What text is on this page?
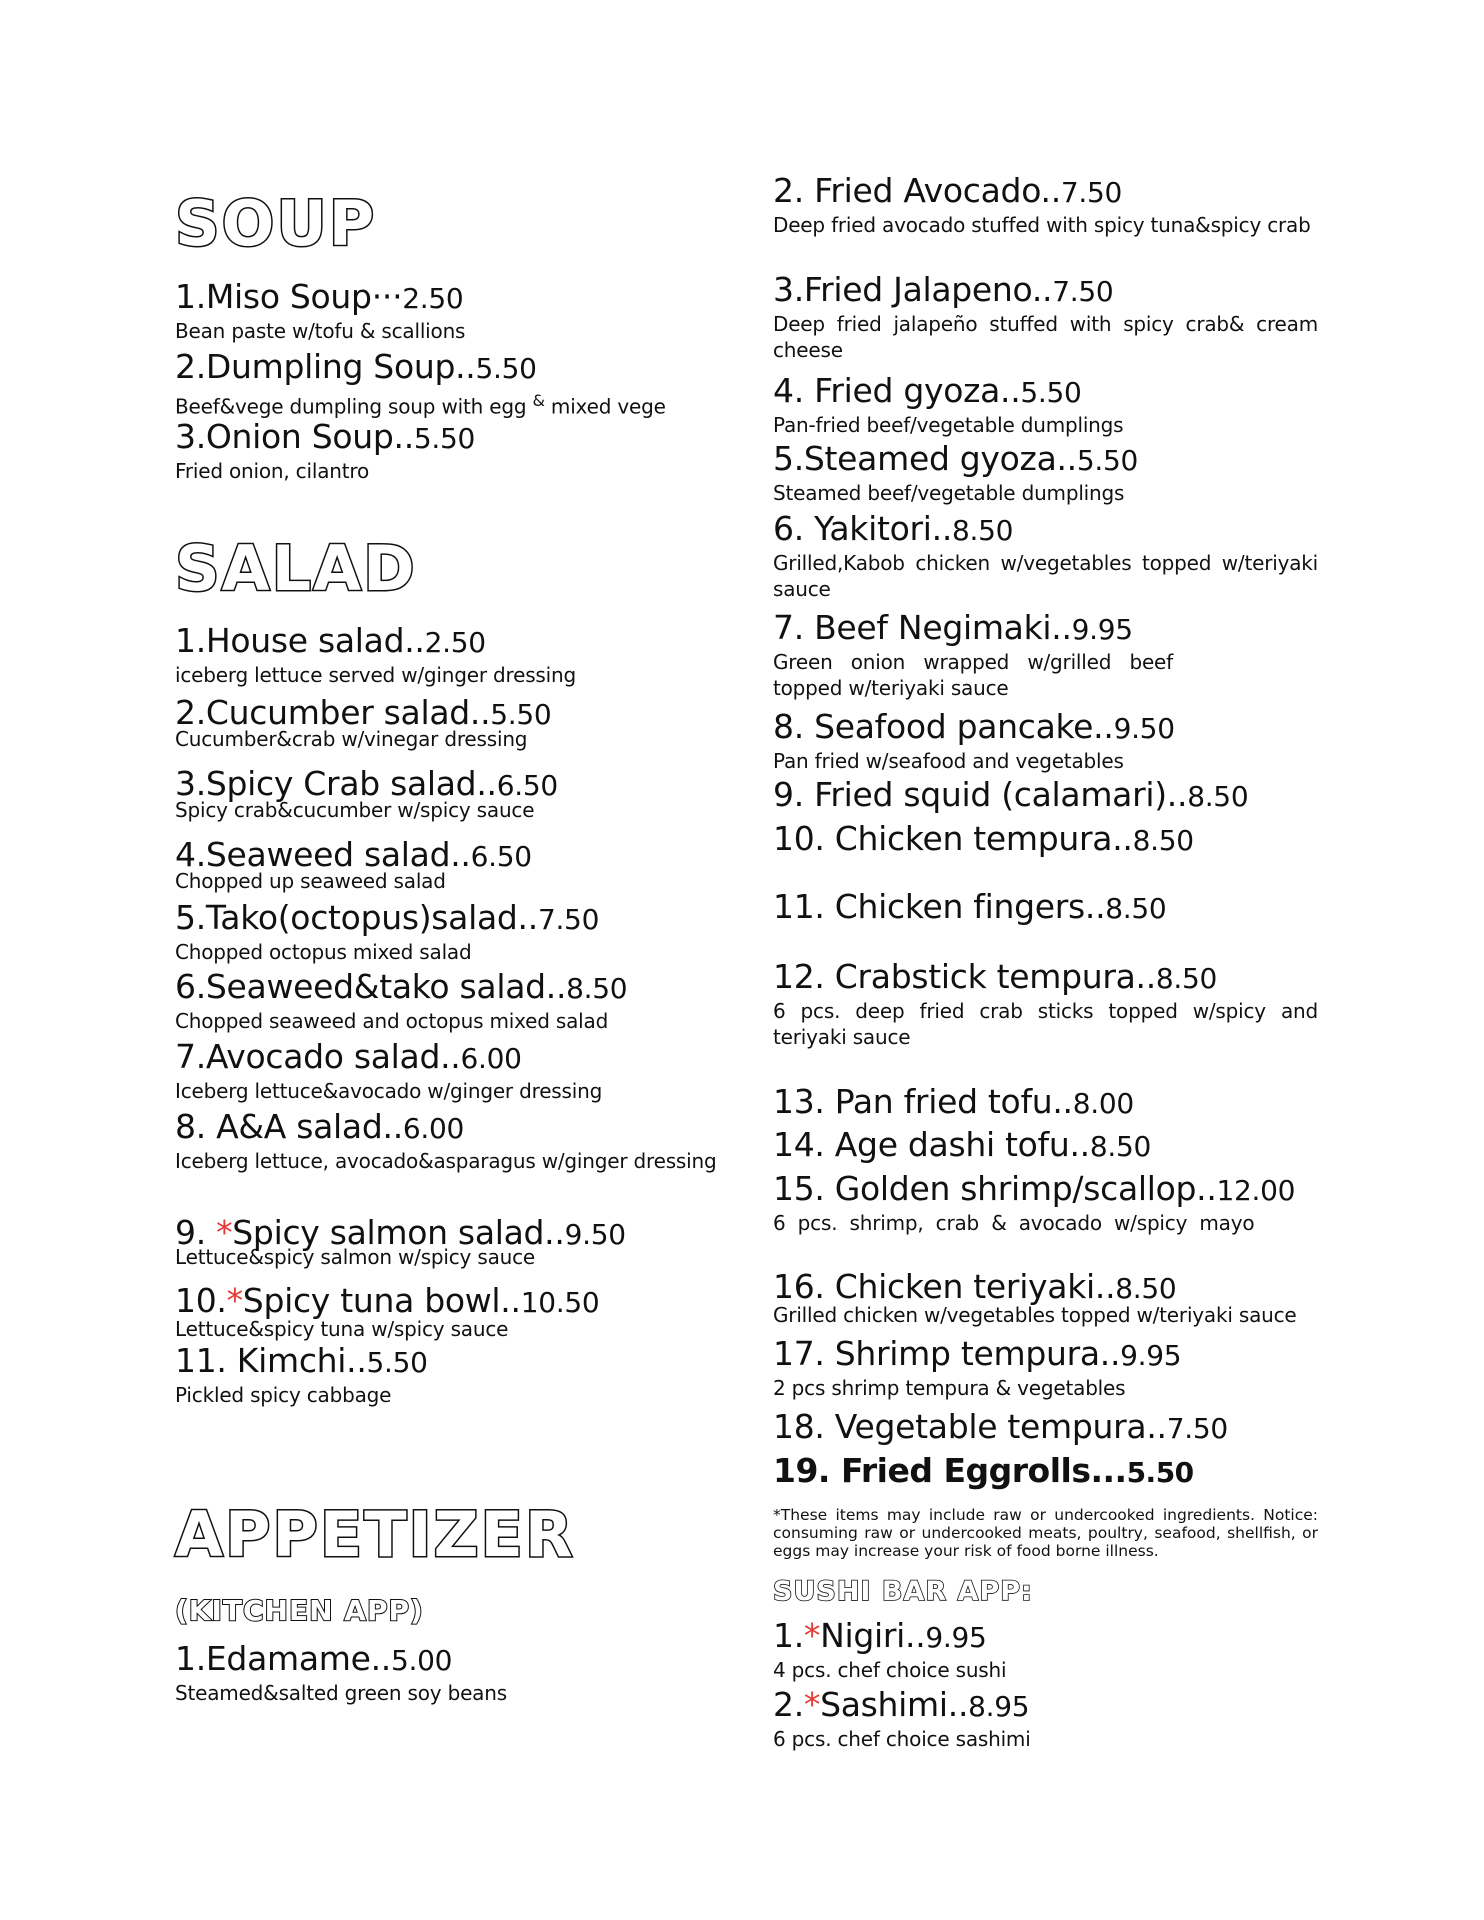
SOUP
1.Miso Soup···2.50
Bean paste w/tofu & scallions
2.Dumpling Soup..5.50
Beef&vege dumpling soup with egg & mixed vege
3.Onion Soup..5.50
Fried onion, cilantro
SALAD
1.House salad..2.50
iceberg lettuce served w/ginger dressing
2.Cucumber salad..5.50
Cucumber&crab w/vinegar dressing
3.Spicy Crab salad..6.50
Spicy crab&cucumber w/spicy sauce
4.Seaweed salad..6.50
Chopped up seaweed salad
5.Tako(octopus)salad..7.50
Chopped octopus mixed salad
6.Seaweed&tako salad..8.50
Chopped seaweed and octopus mixed salad
7.Avocado salad..6.00
Iceberg lettuce&avocado w/ginger dressing
8. A&A salad..6.00
Iceberg lettuce, avocado&asparagus w/ginger dressing
9. *Spicy salmon salad..9.50
Lettuce&spicy salmon w/spicy sauce
10.*Spicy tuna bowl..10.50
Lettuce&spicy tuna w/spicy sauce
11. Kimchi..5.50
Pickled spicy cabbage
APPETIZER
(KITCHEN APP)
1.Edamame..5.00
Steamed&salted green soy beans
2. Fried Avocado..7.50
Deep fried avocado stuffed with spicy tuna&spicy crab
3.Fried Jalapeno..7.50
Deep fried jalapeño stuffed with spicy crab& cream cheese
4. Fried gyoza..5.50
Pan-fried beef/vegetable dumplings
5.Steamed gyoza..5.50
Steamed beef/vegetable dumplings
6. Yakitori..8.50
Grilled,Kabob chicken w/vegetables topped w/teriyaki sauce
7. Beef Negimaki..9.95
Green onion wrapped w/grilled beef
topped w/teriyaki sauce
8. Seafood pancake..9.50
Pan fried w/seafood and vegetables
9. Fried squid (calamari)..8.50
10. Chicken tempura..8.50
11. Chicken fingers..8.50
12. Crabstick tempura..8.50
6 pcs. deep fried crab sticks topped w/spicy and teriyaki sauce
13. Pan fried tofu..8.00
14. Age dashi tofu..8.50
15. Golden shrimp/scallop..12.00
6 pcs. shrimp, crab & avocado w/spicy mayo
16. Chicken teriyaki..8.50
Grilled chicken w/vegetables topped w/teriyaki sauce
17. Shrimp tempura..9.95
2 pcs shrimp tempura & vegetables
18. Vegetable tempura..7.50
19. Fried Eggrolls...5.50
*These items may include raw or undercooked ingredients. Notice: consuming raw or undercooked meats, poultry, seafood, shellfish, or eggs may increase your risk of food borne illness.
SUSHI BAR APP:
1.*Nigiri..9.95
4 pcs. chef choice sushi
2.*Sashimi..8.95
6 pcs. chef choice sashimi
